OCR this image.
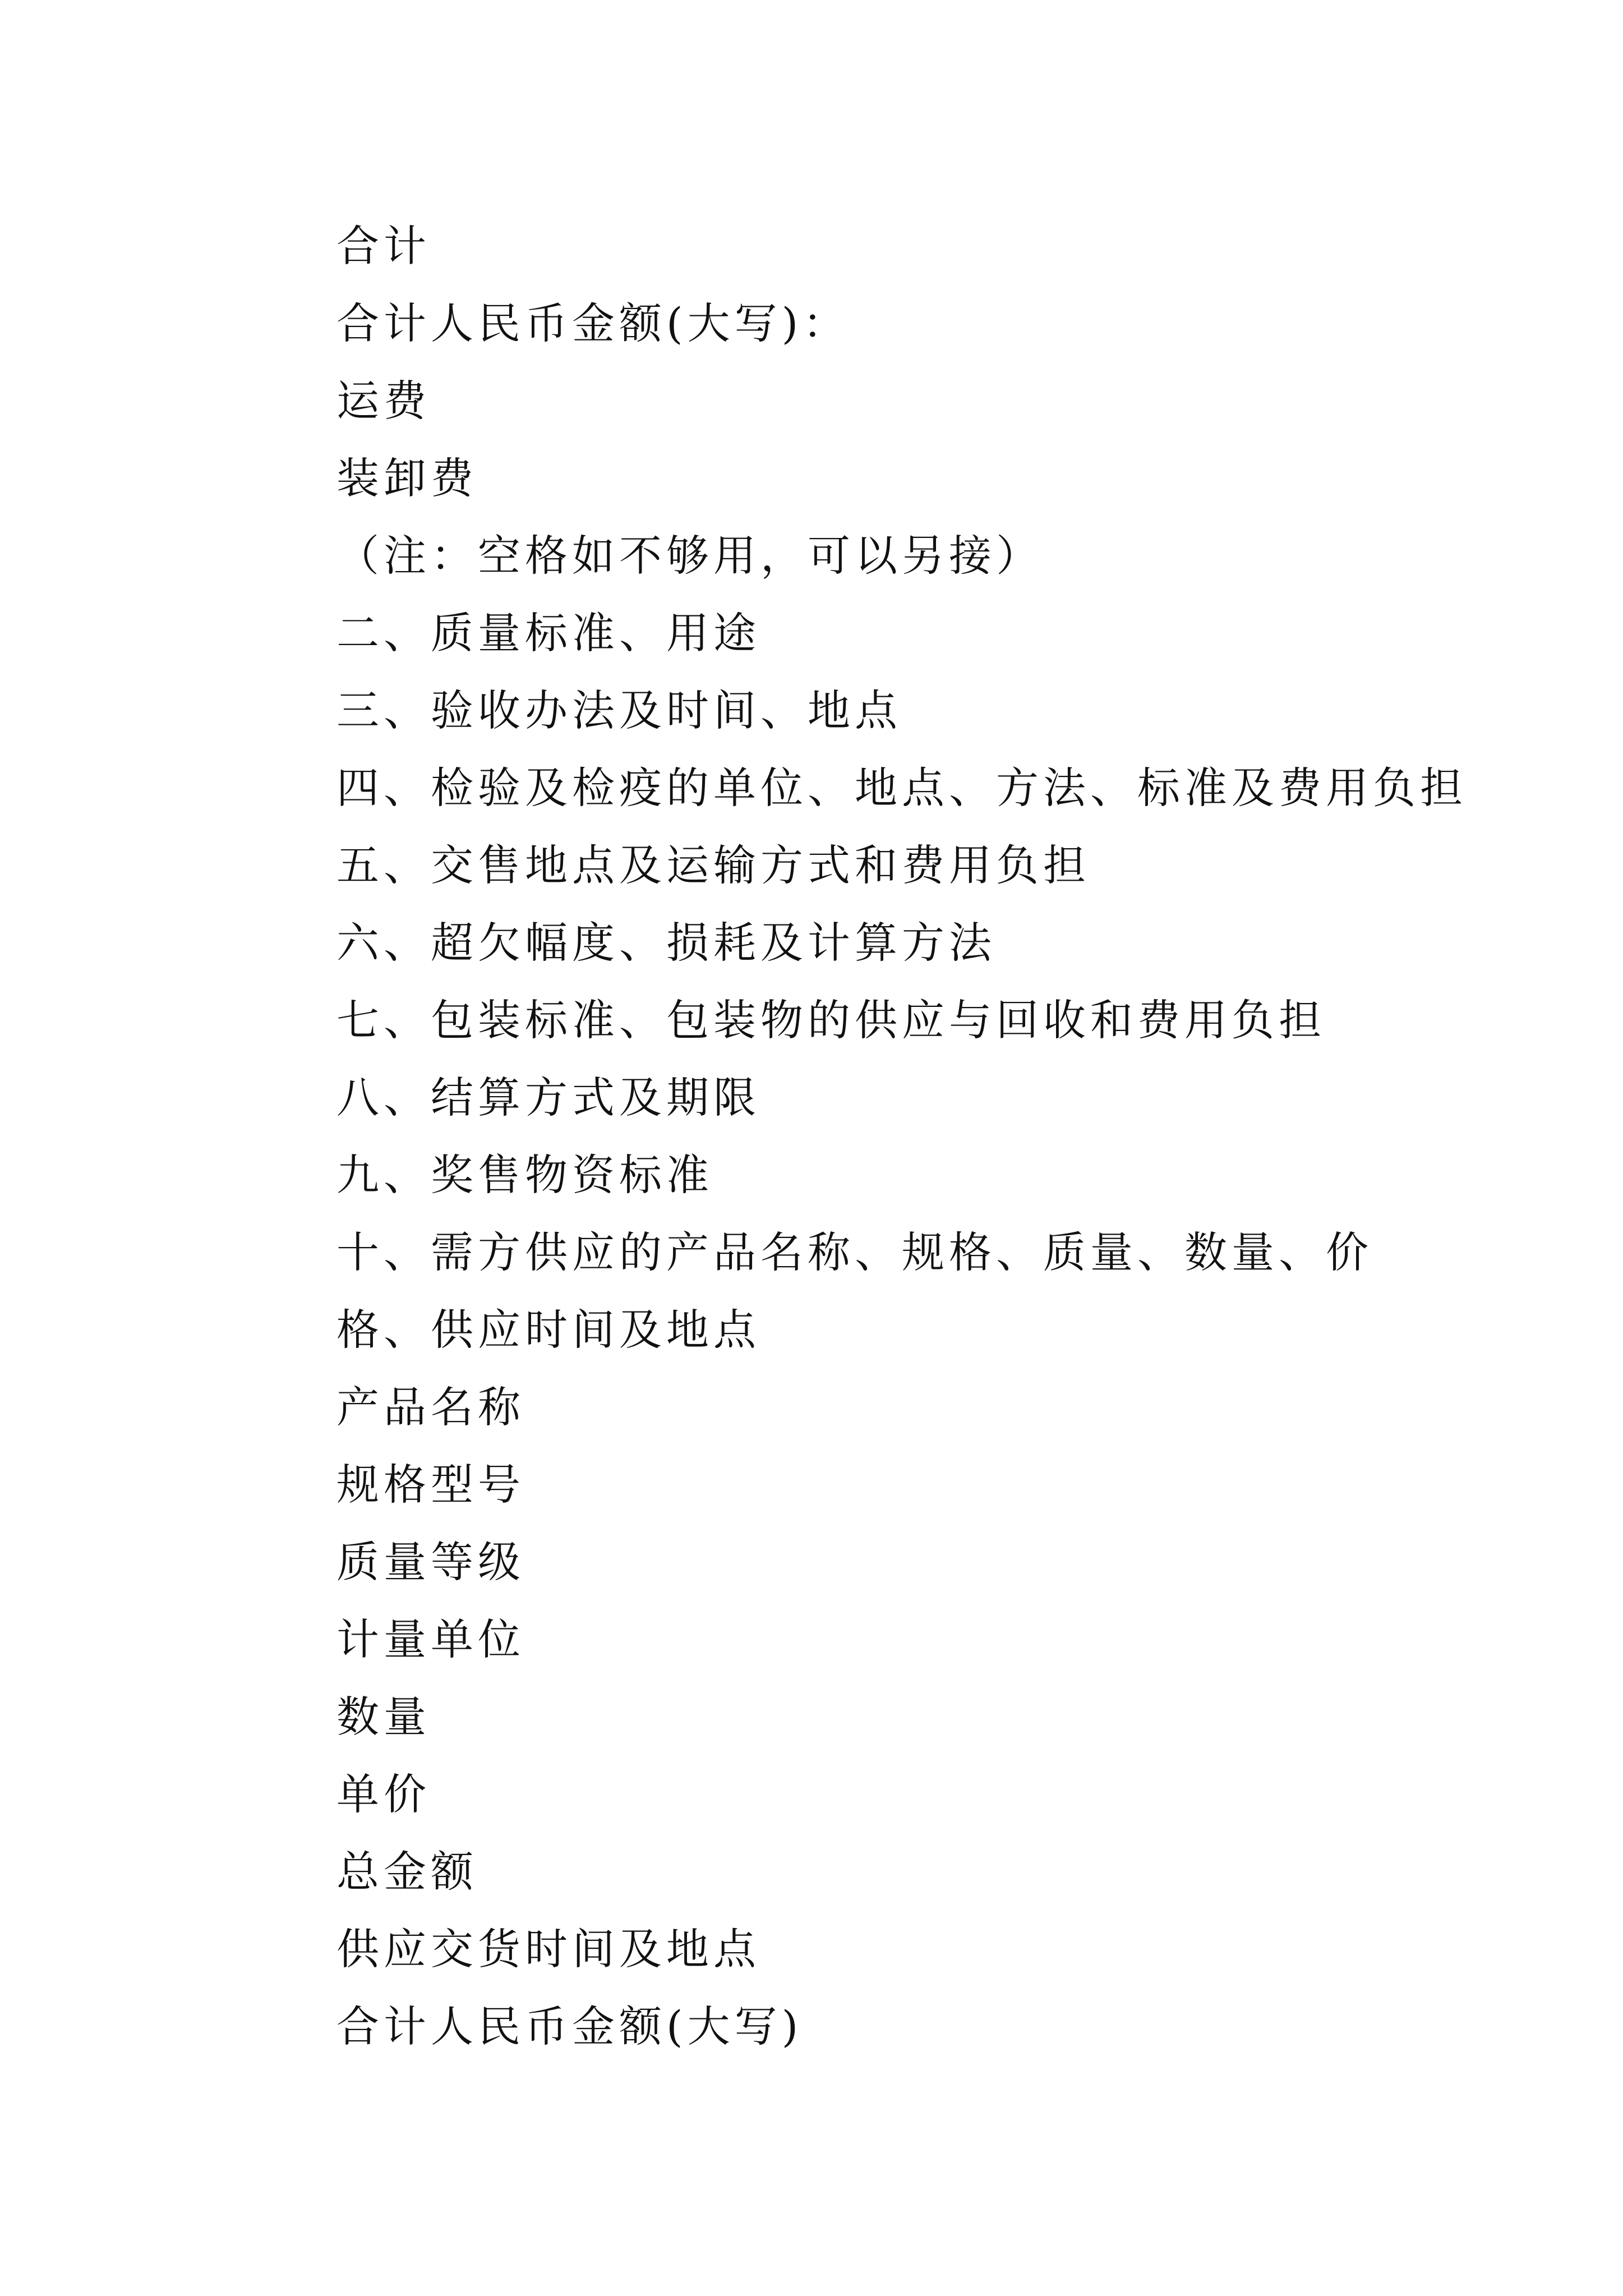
合计
合计人民币金额(大写)：
运费
装卸费
（注：空格如不够用，可以另接）
二、质量标准、用途
三、验收办法及时间、地点
四、检验及检疫的单位、地点、方法、标准及费用负担
五、交售地点及运输方式和费用负担
六、超欠幅度、损耗及计算方法
七、包装标准、包装物的供应与回收和费用负担
八、结算方式及期限
九、奖售物资标准
十、需方供应的产品名称、规格、质量、数量、价格、供应时间及地点
产品名称
规格型号
质量等级
计量单位
数量
单价
总金额
供应交货时间及地点
合计人民币金额(大写)
